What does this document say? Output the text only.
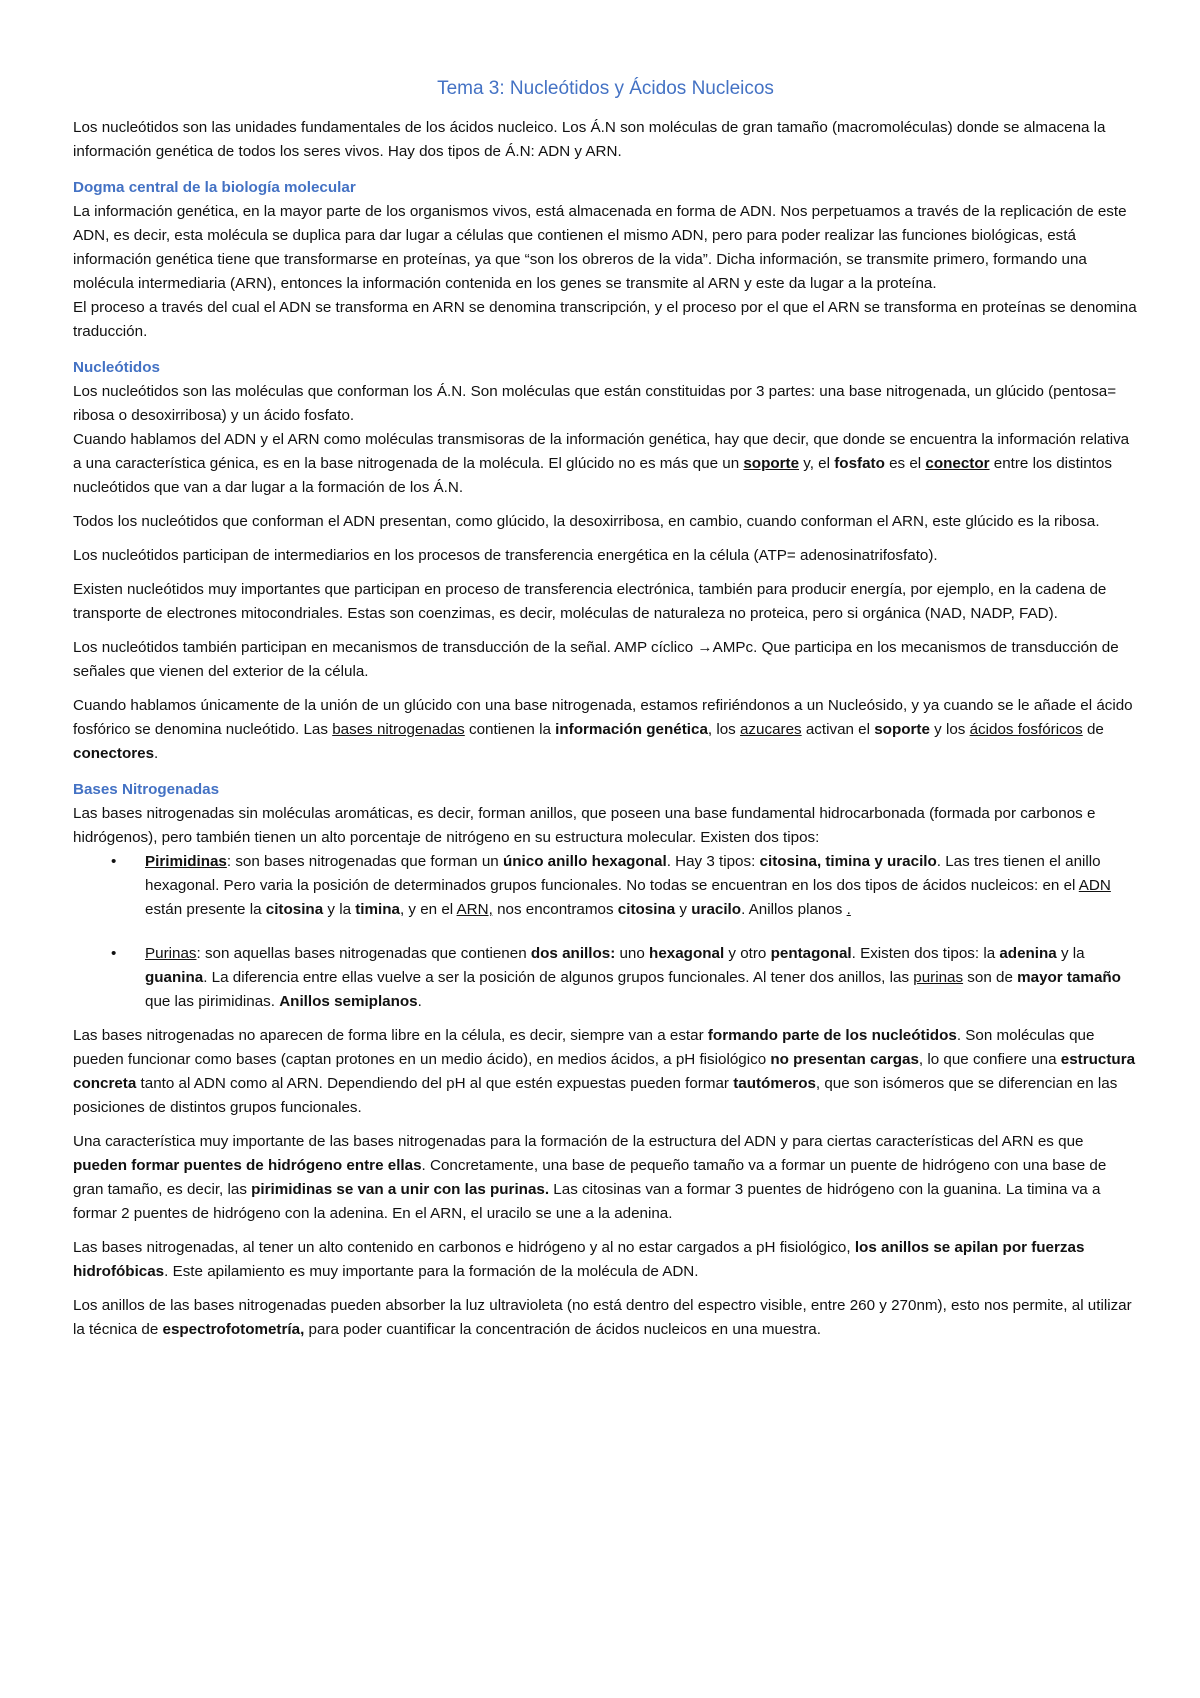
Tema 3: Nucleótidos y Ácidos Nucleicos

Los nucleótidos son las unidades fundamentales de los ácidos nucleico. Los Á.N son moléculas de gran tamaño (macromoléculas) donde se almacena la información genética de todos los seres vivos. Hay dos tipos de Á.N: ADN y ARN.

Dogma central de la biología molecular

La información genética, en la mayor parte de los organismos vivos, está almacenada en forma de ADN. Nos perpetuamos a través de la replicación de este ADN, es decir, esta molécula se duplica para dar lugar a células que contienen el mismo ADN, pero para poder realizar las funciones biológicas, está información genética tiene que transformarse en proteínas, ya que “son los obreros de la vida”. Dicha información, se transmite primero, formando una molécula intermediaria (ARN), entonces la información contenida en los genes se transmite al ARN y este da lugar a la proteína.

El proceso a través del cual el ADN se transforma en ARN se denomina transcripción, y el proceso por el que el ARN se transforma en proteínas se denomina traducción.

Nucleótidos

Los nucleótidos son las moléculas que conforman los Á.N. Son moléculas que están constituidas por 3 partes: una base nitrogenada, un glúcido (pentosa= ribosa o desoxirribosa) y un ácido fosfato.

Cuando hablamos del ADN y el ARN como moléculas transmisoras de la información genética, hay que decir, que donde se encuentra la información relativa a una característica génica, es en la base nitrogenada de la molécula. El glúcido no es más que un soporte y, el fosfato es el conector entre los distintos nucleótidos que van a dar lugar a la formación de los Á.N.

Todos los nucleótidos que conforman el ADN presentan, como glúcido, la desoxirribosa, en cambio, cuando conforman el ARN, este glúcido es la ribosa.

Los nucleótidos participan de intermediarios en los procesos de transferencia energética en la célula (ATP= adenosinatrifosfato).

Existen nucleótidos muy importantes que participan en proceso de transferencia electrónica, también para producir energía, por ejemplo, en la cadena de transporte de electrones mitocondriales. Estas son coenzimas, es decir, moléculas de naturaleza no proteica, pero si orgánica (NAD, NADP, FAD).

Los nucleótidos también participan en mecanismos de transducción de la señal. AMP cíclico →AMPc. Que participa en los mecanismos de transducción de señales que vienen del exterior de la célula.

Cuando hablamos únicamente de la unión de un glúcido con una base nitrogenada, estamos refiriéndonos a un Nucleósido, y ya cuando se le añade el ácido fosfórico se denomina nucleótido. Las bases nitrogenadas contienen la información genética, los azucares activan el soporte y los ácidos fosfóricos de conectores.

Bases Nitrogenadas

Las bases nitrogenadas sin moléculas aromáticas, es decir, forman anillos, que poseen una base fundamental hidrocarbonada (formada por carbonos e hidrógenos), pero también tienen un alto porcentaje de nitrógeno en su estructura molecular. Existen dos tipos:

• Pirimidinas: son bases nitrogenadas que forman un único anillo hexagonal. Hay 3 tipos: citosina, timina y uracilo. Las tres tienen el anillo hexagonal. Pero varia la posición de determinados grupos funcionales. No todas se encuentran en los dos tipos de ácidos nucleicos: en el ADN están presente la citosina y la timina, y en el ARN, nos encontramos citosina y uracilo. Anillos planos .
• Purinas: son aquellas bases nitrogenadas que contienen dos anillos: uno hexagonal y otro pentagonal. Existen dos tipos: la adenina y la guanina. La diferencia entre ellas vuelve a ser la posición de algunos grupos funcionales. Al tener dos anillos, las purinas son de mayor tamaño que las pirimidinas. Anillos semiplanos.

Las bases nitrogenadas no aparecen de forma libre en la célula, es decir, siempre van a estar formando parte de los nucleótidos. Son moléculas que pueden funcionar como bases (captan protones en un medio ácido), en medios ácidos, a pH fisiológico no presentan cargas, lo que confiere una estructura concreta tanto al ADN como al ARN. Dependiendo del pH al que estén expuestas pueden formar tautómeros, que son isómeros que se diferencian en las posiciones de distintos grupos funcionales.

Una característica muy importante de las bases nitrogenadas para la formación de la estructura del ADN y para ciertas características del ARN es que pueden formar puentes de hidrógeno entre ellas. Concretamente, una base de pequeño tamaño va a formar un puente de hidrógeno con una base de gran tamaño, es decir, las pirimidinas se van a unir con las purinas. Las citosinas van a formar 3 puentes de hidrógeno con la guanina. La timina va a formar 2 puentes de hidrógeno con la adenina. En el ARN, el uracilo se une a la adenina.

Las bases nitrogenadas, al tener un alto contenido en carbonos e hidrógeno y al no estar cargados a pH fisiológico, los anillos se apilan por fuerzas hidrofóbicas. Este apilamiento es muy importante para la formación de la molécula de ADN.

Los anillos de las bases nitrogenadas pueden absorber la luz ultravioleta (no está dentro del espectro visible, entre 260 y 270nm), esto nos permite, al utilizar la técnica de espectrofotometría, para poder cuantificar la concentración de ácidos nucleicos en una muestra.
